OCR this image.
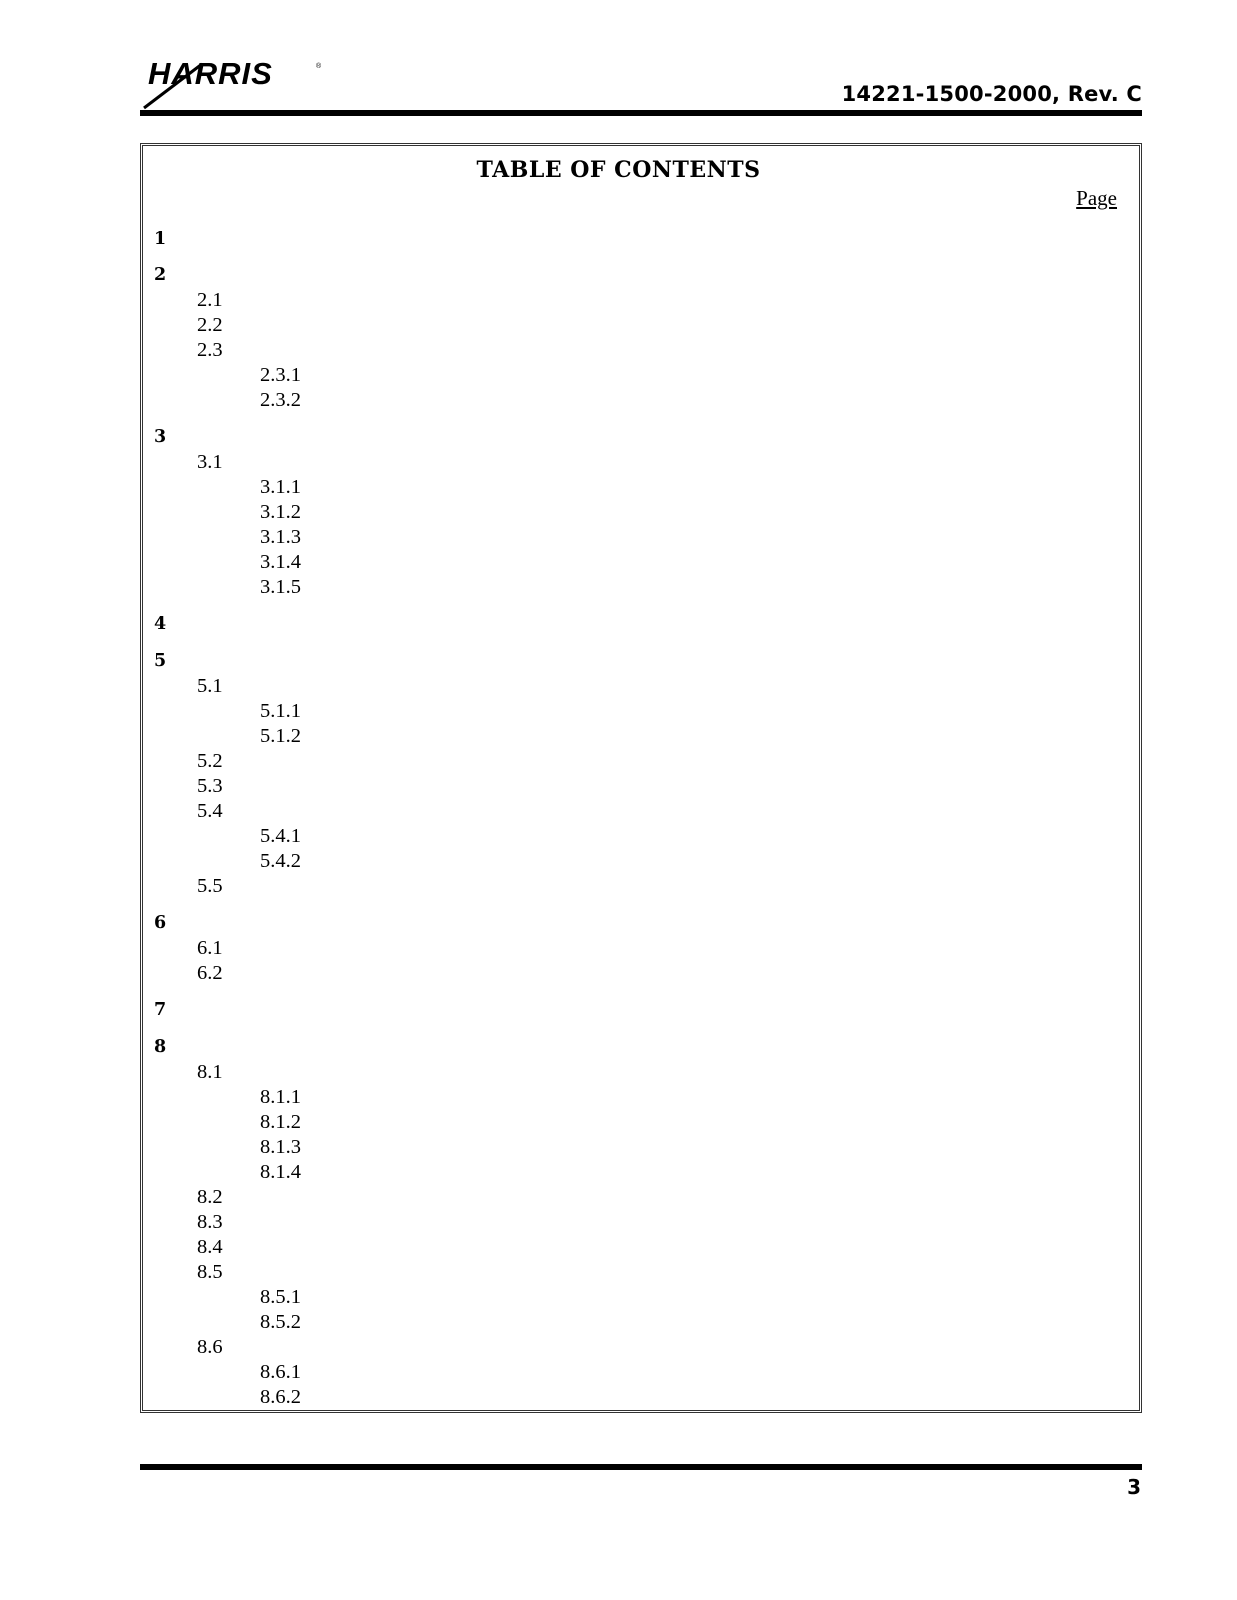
HARRIS	®
14221-1500-2000, Rev. C
TABLE OF CONTENTS
Page
1
2
2.1
2.2
2.3
2.3.1
2.3.2
3
3.1
3.1.1
3.1.2
3.1.3
3.1.4
3.1.5
4
5
5.1
5.1.1
5.1.2
5.2
5.3
5.4
5.4.1
5.4.2
5.5
6
6.1
6.2
7
8
8.1
8.1.1
8.1.2
8.1.3
8.1.4
8.2
8.3
8.4
8.5
8.5.1
8.5.2
8.6
8.6.1
8.6.2
3
